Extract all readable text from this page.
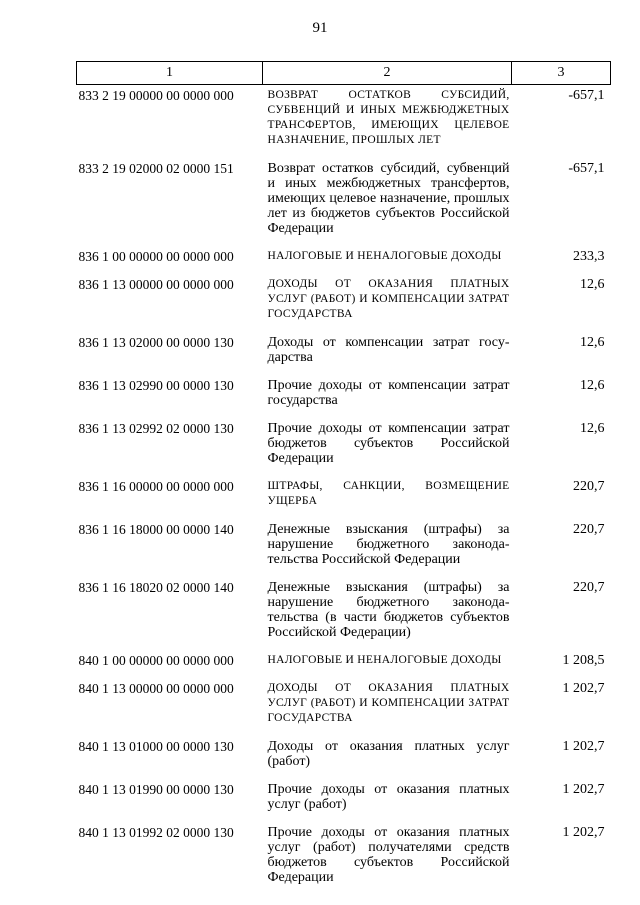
91
1	2	3
833 2 19 00000 00 0000 000	ВОЗВРАТ ОСТАТКОВ СУБСИДИЙ, СУБВЕНЦИЙ И ИНЫХ МЕЖБЮДЖЕТНЫХ ТРАНСФЕРТОВ, ИМЕЮЩИХ ЦЕЛЕВОЕ НАЗНАЧЕНИЕ, ПРОШЛЫХ ЛЕТ	-657,1
833 2 19 02000 02 0000 151	Возврат остатков субсидий, субвенций и иных межбюджетных трансфертов, имеющих целевое назначение, прошлых лет из бюджетов субъектов Российской Федерации	-657,1
836 1 00 00000 00 0000 000	НАЛОГОВЫЕ И НЕНАЛОГОВЫЕ ДОХОДЫ	233,3
836 1 13 00000 00 0000 000	ДОХОДЫ ОТ ОКАЗАНИЯ ПЛАТНЫХ УСЛУГ (РАБОТ) И КОМПЕНСАЦИИ ЗАТРАТ ГОСУДАРСТВА	12,6
836 1 13 02000 00 0000 130	Доходы от компенсации затрат государства	12,6
836 1 13 02990 00 0000 130	Прочие доходы от компенсации затрат государства	12,6
836 1 13 02992 02 0000 130	Прочие доходы от компенсации затрат бюджетов субъектов Российской Федерации	12,6
836 1 16 00000 00 0000 000	ШТРАФЫ, САНКЦИИ, ВОЗМЕЩЕНИЕ УЩЕРБА	220,7
836 1 16 18000 00 0000 140	Денежные взыскания (штрафы) за нарушение бюджетного законодательства Российской Федерации	220,7
836 1 16 18020 02 0000 140	Денежные взыскания (штрафы) за нарушение бюджетного законодательства (в части бюджетов субъектов Российской Федерации)	220,7
840 1 00 00000 00 0000 000	НАЛОГОВЫЕ И НЕНАЛОГОВЫЕ ДОХОДЫ	1 208,5
840 1 13 00000 00 0000 000	ДОХОДЫ ОТ ОКАЗАНИЯ ПЛАТНЫХ УСЛУГ (РАБОТ) И КОМПЕНСАЦИИ ЗАТРАТ ГОСУДАРСТВА	1 202,7
840 1 13 01000 00 0000 130	Доходы от оказания платных услуг (работ)	1 202,7
840 1 13 01990 00 0000 130	Прочие доходы от оказания платных услуг (работ)	1 202,7
840 1 13 01992 02 0000 130	Прочие доходы от оказания платных услуг (работ) получателями средств бюджетов субъектов Российской Федерации	1 202,7
